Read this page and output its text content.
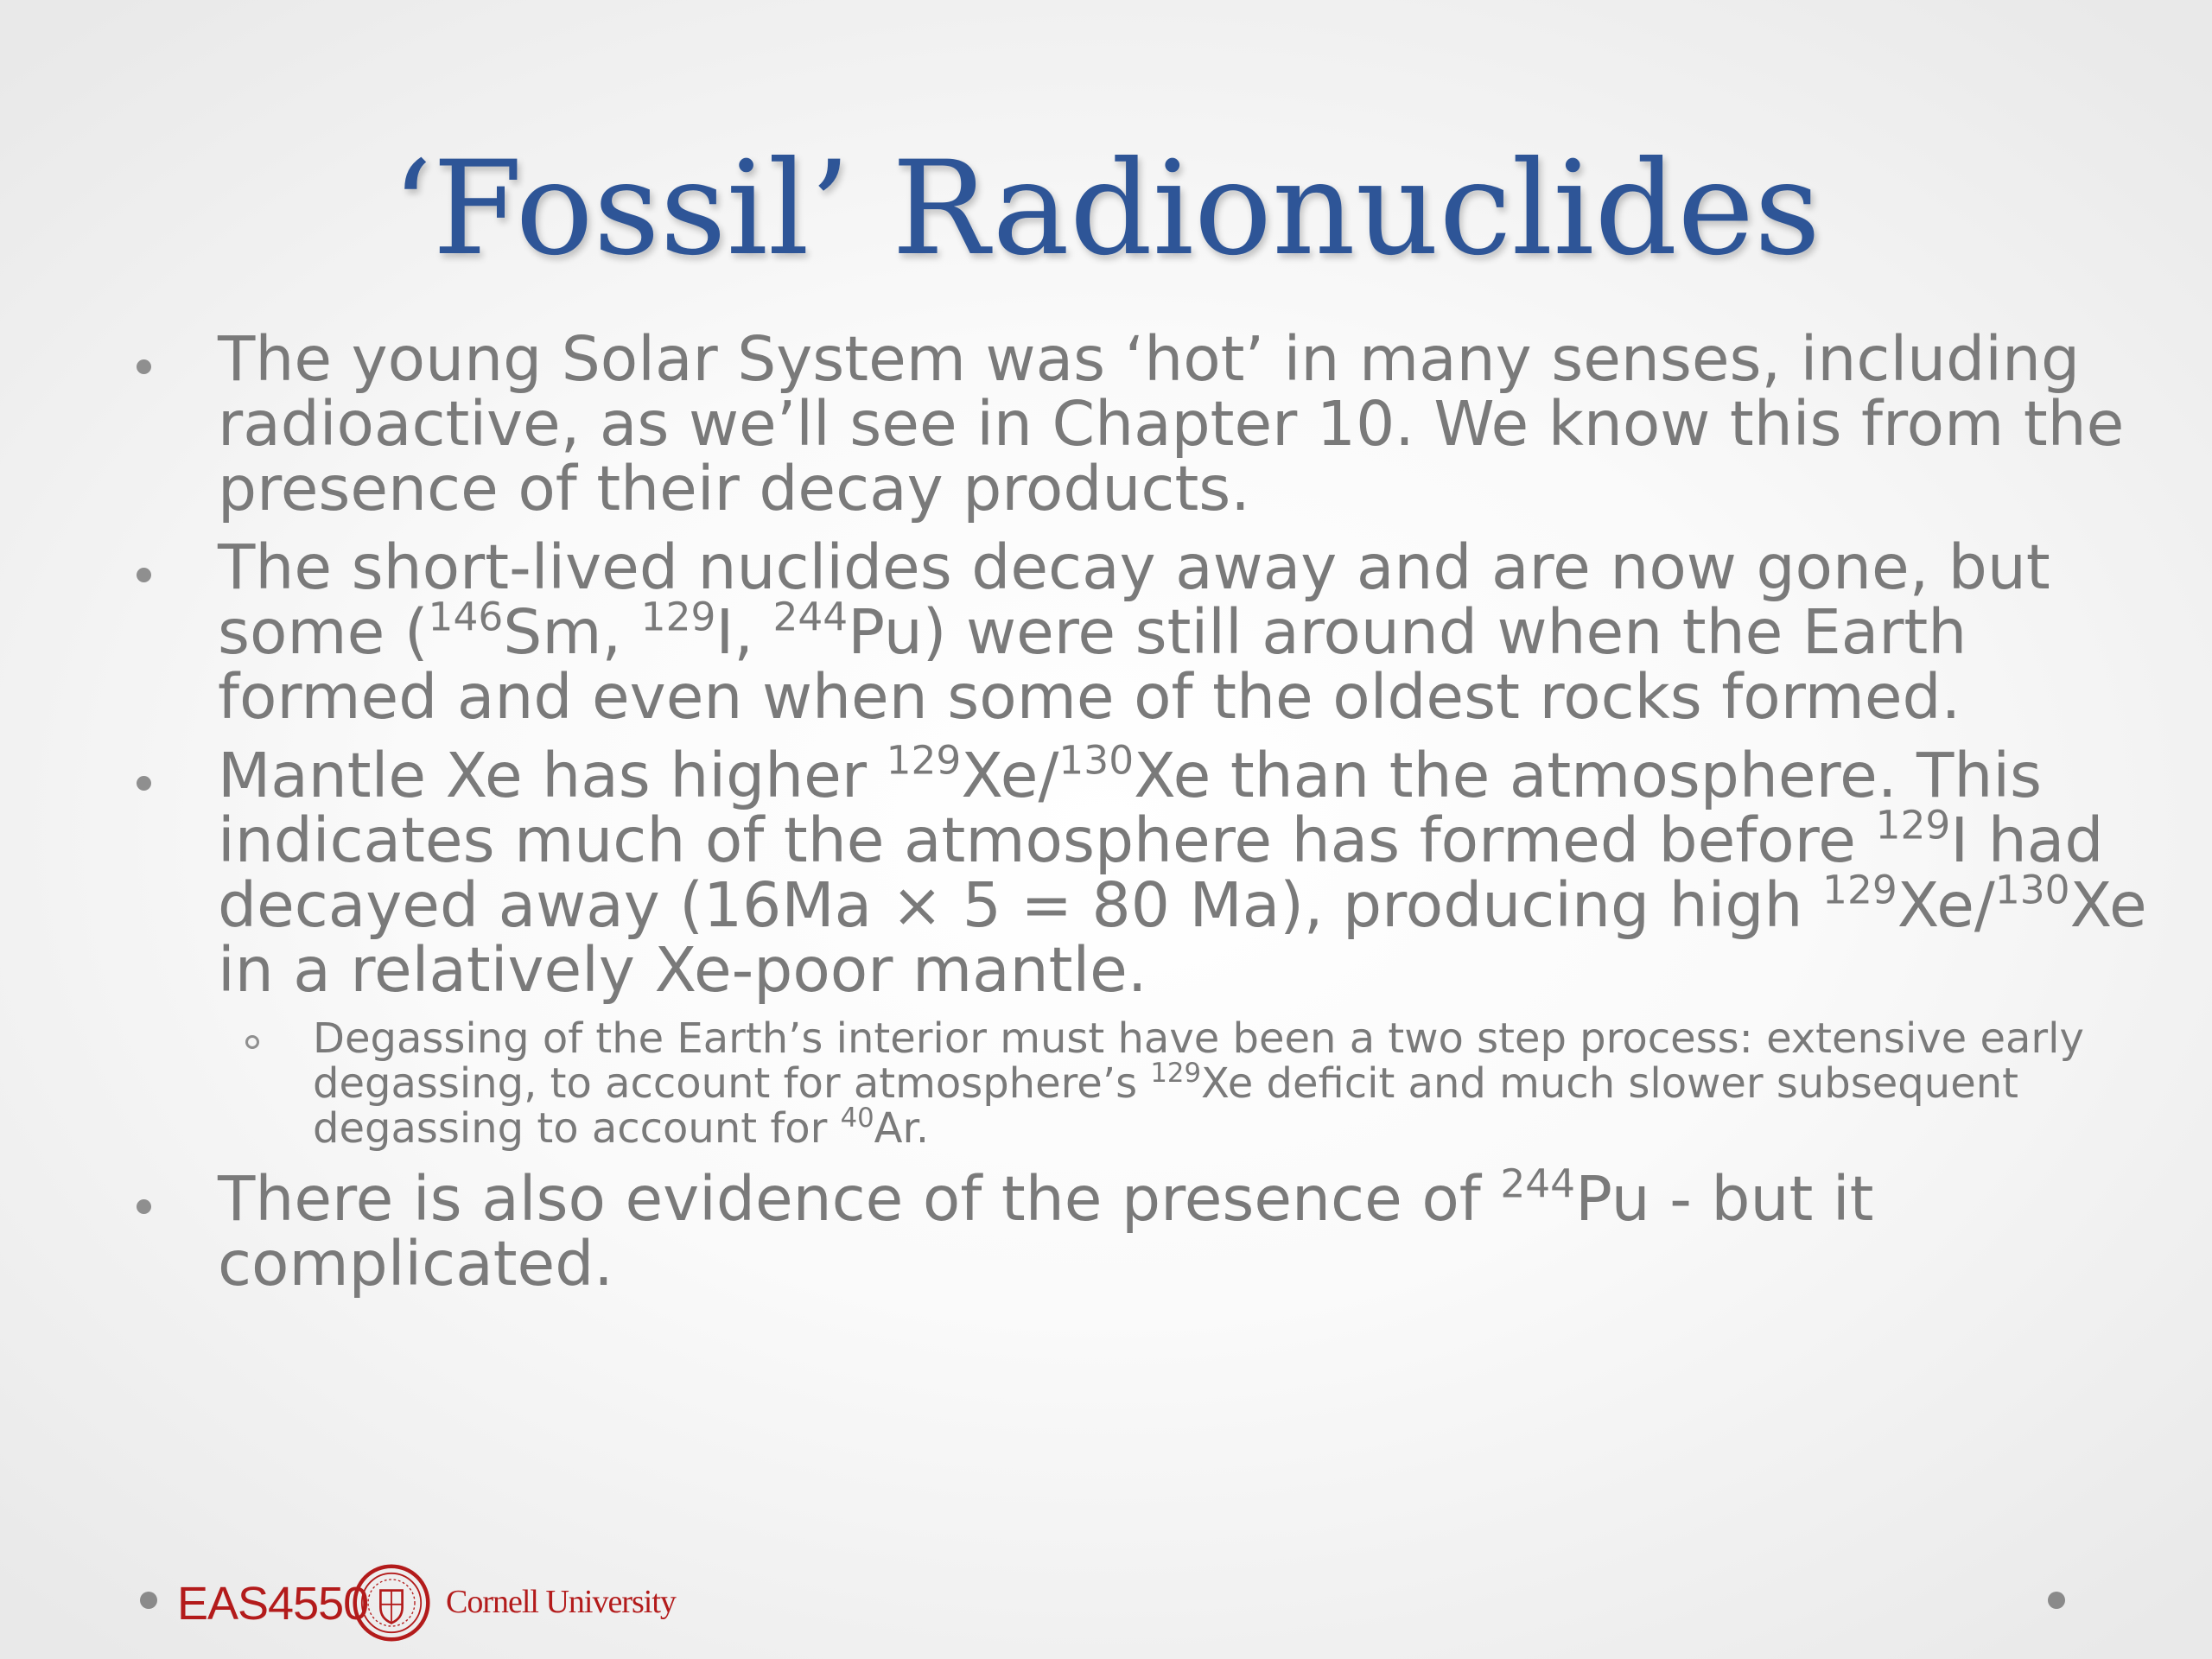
‘Fossil’ Radionuclides
The young Solar System was ‘hot’ in many senses, including radioactive, as we’ll see in Chapter 10. We know this from the presence of their decay products.
The short-lived nuclides decay away and are now gone, but some ($^{146}$Sm, $^{129}$I, $^{244}$Pu) were still around when the Earth formed and even when some of the oldest rocks formed.
Mantle Xe has higher $^{129}$Xe/$^{130}$Xe than the atmosphere. This indicates much of the atmosphere has formed before $^{129}$I had decayed away (16Ma × 5 = 80 Ma), producing high $^{129}$Xe/$^{130}$Xe in a relatively Xe-poor mantle.
Degassing of the Earth’s interior must have been a two step process: extensive early degassing, to account for atmosphere’s $^{129}$Xe deficit and much slower subsequent degassing to account for $^{40}$Ar.
There is also evidence of the presence of $^{244}$Pu - but it complicated.
EAS4550 Cornell University
